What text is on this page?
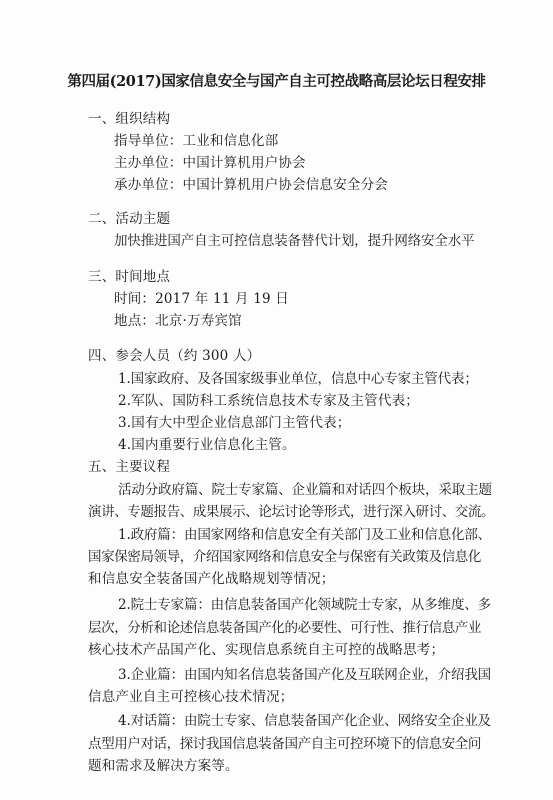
第四届(2017)国家信息安全与国产自主可控战略高层论坛日程安排
一、组织结构
指导单位：工业和信息化部
主办单位：中国计算机用户协会
承办单位：中国计算机用户协会信息安全分会
二、活动主题
加快推进国产自主可控信息装备替代计划，提升网络安全水平
三、时间地点
时间：2017 年 11 月 19 日
地点：北京·万寿宾馆
四、参会人员（约 300 人）
1.国家政府、及各国家级事业单位，信息中心专家主管代表；
2.军队、国防科工系统信息技术专家及主管代表；
3.国有大中型企业信息部门主管代表；
4.国内重要行业信息化主管。
五、主要议程
活动分政府篇、院士专家篇、企业篇和对话四个板块，采取主题
演讲、专题报告、成果展示、论坛讨论等形式，进行深入研讨、交流。
1.政府篇：由国家网络和信息安全有关部门及工业和信息化部、
国家保密局领导，介绍国家网络和信息安全与保密有关政策及信息化
和信息安全装备国产化战略规划等情况；
2.院士专家篇：由信息装备国产化领域院士专家，从多维度、多
层次，分析和论述信息装备国产化的必要性、可行性、推行信息产业
核心技术产品国产化、实现信息系统自主可控的战略思考；
3.企业篇：由国内知名信息装备国产化及互联网企业，介绍我国
信息产业自主可控核心技术情况；
4.对话篇：由院士专家、信息装备国产化企业、网络安全企业及
点型用户对话，探讨我国信息装备国产自主可控环境下的信息安全问
题和需求及解决方案等。
